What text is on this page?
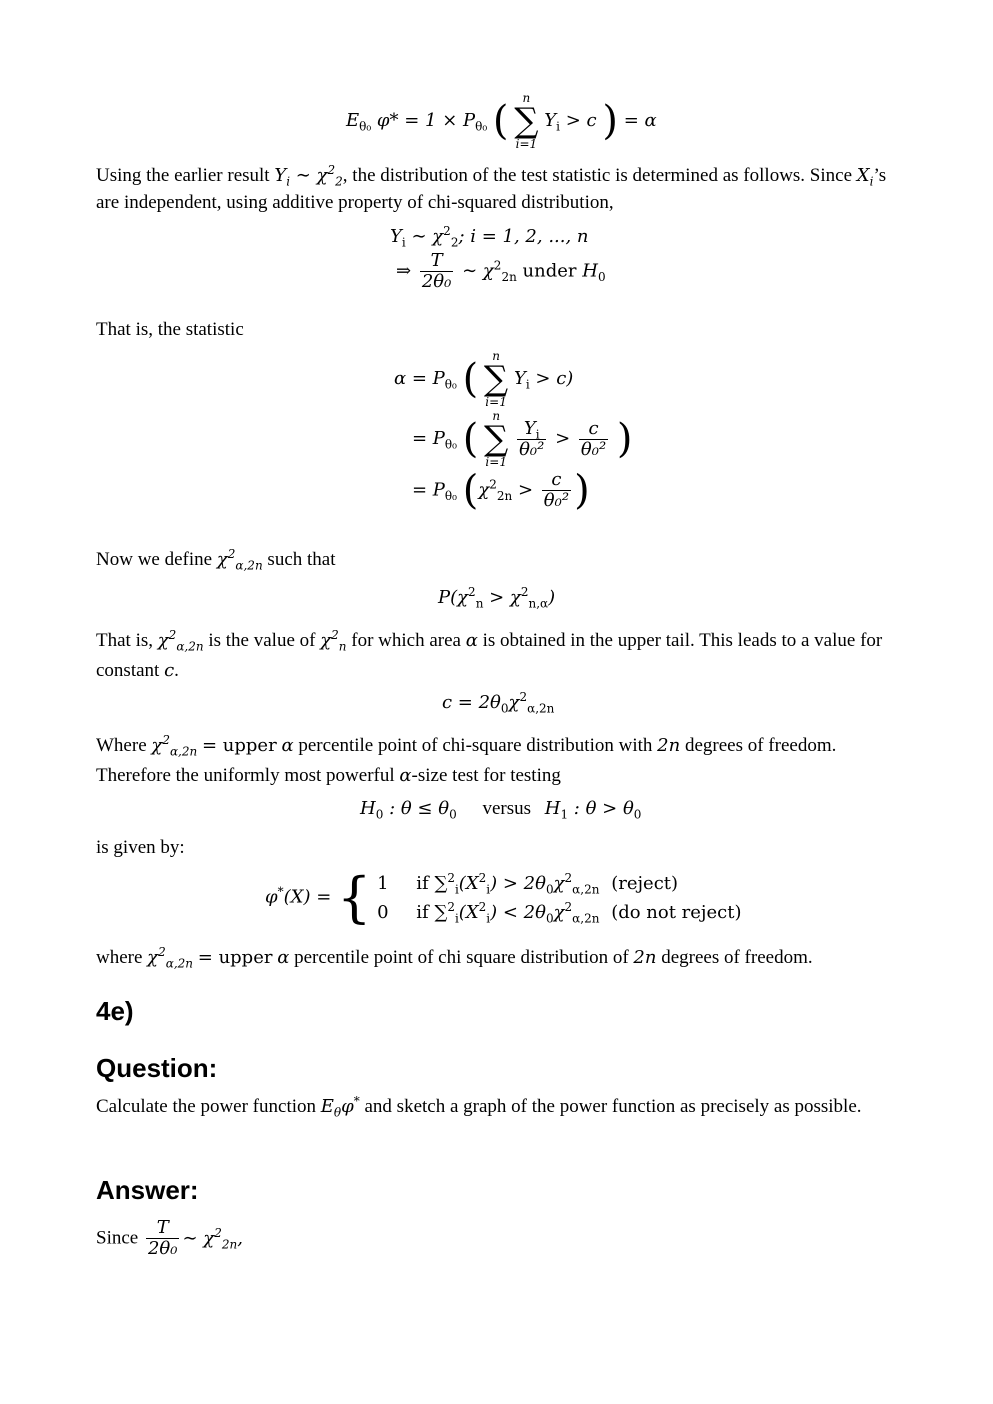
$E_{\theta_0}$ $\varphi* = 1 \times P_{\theta_0}$ ( n
∑
i=1 $Y_i > c$ ) = α
Using the earlier result $Y_i$ ∼ $\chi^2_2$, the distribution of the test statistic is determined as follows. Since $X_i’s$ are independent, using additive property of chi-squared distribution,
$Y_i$ ∼ $\chi^2_2$; i = 1, 2, ..., n
⇒ $\frac{T}{\text{2θ₀}}$ ∼ $\chi^2_{2n}$ under $H_0$
That is, the statistic
$\alpha = P_{\theta_0}$ ( n
∑
i=1 $Y_i > c$)
= $P_{\theta_0}$ ( n
∑
i=1
$\frac{Y_i}{\text{θ₀²}} > \frac{c}{\text{θ₀²}}$ )
= $P_{\theta_0}$ ($\chi^2_{2n} > \frac{c}{\text{θ₀²}}$ )
Now we define $\chi^2_{\alpha,2n}$ such that
$P(\chi^2_n > \chi^2_{n,\alpha})$
That is, $\chi^2_{\alpha,2n}$ is the value of $\chi^2_n$ for which area α is obtained in the upper tail. This leads to a value for constant c.
$c = 2\theta_0\chi^2_{\alpha,2n}$
Where $\chi^2_{\alpha,2n}$ = upper α percentile point of chi-square distribution with 2n degrees of freedom.
Therefore the uniformly most powerful α-size test for testing
$H_0$ : $\theta \le \theta_0$ versus $H_1$ : $\theta > \theta_0$
is given by:
φ*(X) = { 1 if $\sum^2_i(X^2_i) > 2\theta_0\chi^2_{\alpha,2n}$ (reject)
0 if $\sum^2_i(X^2_i) < 2\theta_0\chi^2_{\alpha,2n}$ (do not reject)
where $\chi^2_{\alpha,2n}$ = upper α percentile point of chi square distribution of 2n degrees of freedom.
4e)
Question:
Calculate the power function $E_\theta\varphi^*$ and sketch a graph of the power function as precisely as possible.
Answer:
Since $\frac{T}{\text{2θ₀}}$ ∼ $\chi^2_{2n}$,
